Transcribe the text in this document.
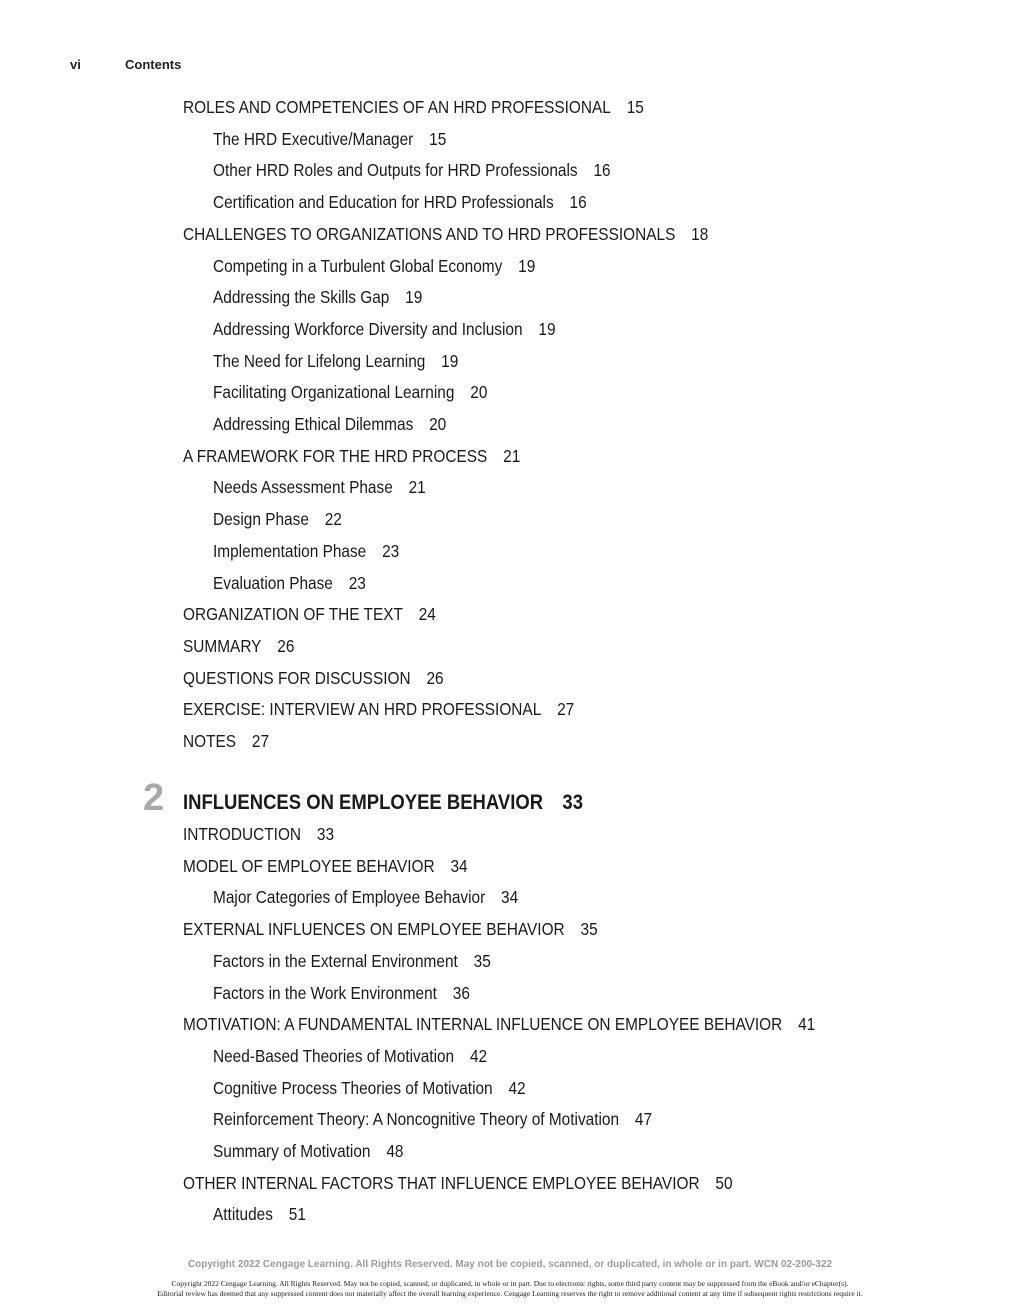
vi	Contents
ROLES AND COMPETENCIES OF AN HRD PROFESSIONAL 15
The HRD Executive/Manager 15
Other HRD Roles and Outputs for HRD Professionals 16
Certification and Education for HRD Professionals 16
CHALLENGES TO ORGANIZATIONS AND TO HRD PROFESSIONALS 18
Competing in a Turbulent Global Economy 19
Addressing the Skills Gap 19
Addressing Workforce Diversity and Inclusion 19
The Need for Lifelong Learning 19
Facilitating Organizational Learning 20
Addressing Ethical Dilemmas 20
A FRAMEWORK FOR THE HRD PROCESS 21
Needs Assessment Phase 21
Design Phase 22
Implementation Phase 23
Evaluation Phase 23
ORGANIZATION OF THE TEXT 24
SUMMARY 26
QUESTIONS FOR DISCUSSION 26
EXERCISE: INTERVIEW AN HRD PROFESSIONAL 27
NOTES 27
2 INFLUENCES ON EMPLOYEE BEHAVIOR 33
INTRODUCTION 33
MODEL OF EMPLOYEE BEHAVIOR 34
Major Categories of Employee Behavior 34
EXTERNAL INFLUENCES ON EMPLOYEE BEHAVIOR 35
Factors in the External Environment 35
Factors in the Work Environment 36
MOTIVATION: A FUNDAMENTAL INTERNAL INFLUENCE ON EMPLOYEE BEHAVIOR 41
Need-Based Theories of Motivation 42
Cognitive Process Theories of Motivation 42
Reinforcement Theory: A Noncognitive Theory of Motivation 47
Summary of Motivation 48
OTHER INTERNAL FACTORS THAT INFLUENCE EMPLOYEE BEHAVIOR 50
Attitudes 51
Copyright 2022 Cengage Learning. All Rights Reserved. May not be copied, scanned, or duplicated, in whole or in part. WCN 02-200-322
Copyright 2022 Cengage Learning. All Rights Reserved. May not be copied, scanned, or duplicated, in whole or in part. Due to electronic rights, some third party content may be suppressed from the eBook and/or eChapter(s).
Editorial review has deemed that any suppressed content does not materially affect the overall learning experience. Cengage Learning reserves the right to remove additional content at any time if subsequent rights restrictions require it.
